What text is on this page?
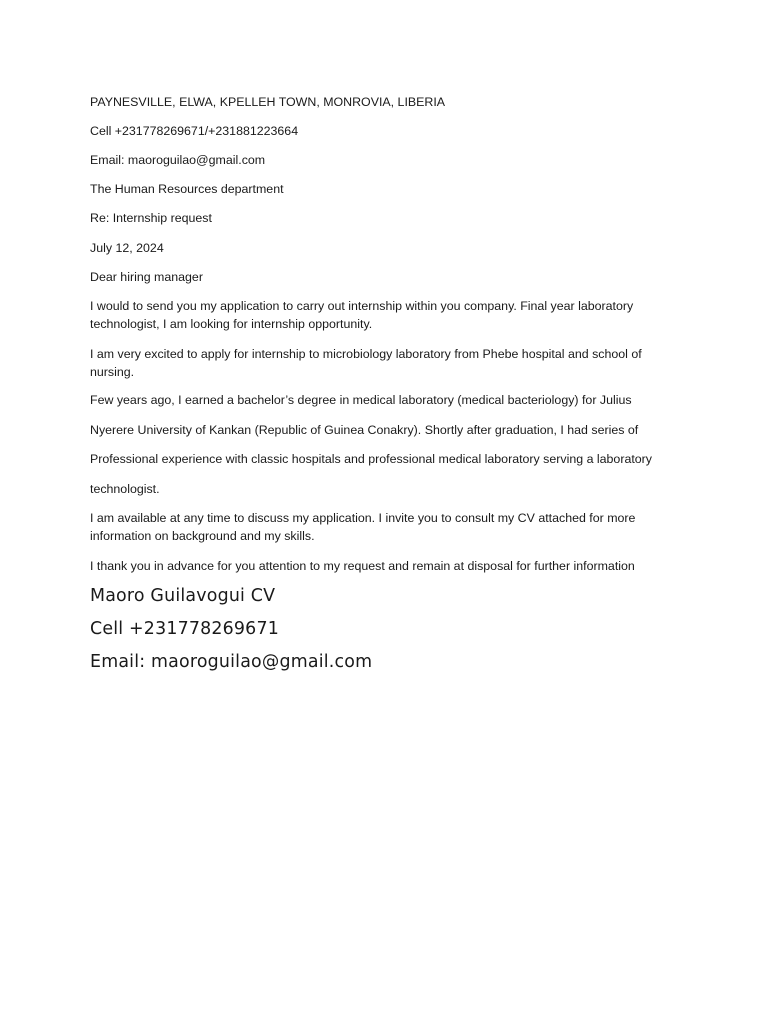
PAYNESVILLE, ELWA, KPELLEH TOWN, MONROVIA, LIBERIA

Cell +231778269671/+231881223664

Email: maoroguilao@gmail.com

The Human Resources department

Re: Internship request

July 12, 2024

Dear hiring manager

I would to send you my application to carry out internship within you company. Final year laboratory technologist, I am looking for internship opportunity.

I am very excited to apply for internship to microbiology laboratory from Phebe hospital and school of nursing.

Few years ago, I earned a bachelor’s degree in medical laboratory (medical bacteriology) for Julius
Nyerere University of Kankan (Republic of Guinea Conakry). Shortly after graduation, I had series of
Professional experience with classic hospitals and professional medical laboratory serving a laboratory
technologist.

I am available at any time to discuss my application. I invite you to consult my CV attached for more information on background and my skills.

I thank you in advance for you attention to my request and remain at disposal for further information

Maoro Guilavogui CV

Cell +231778269671

Email: maoroguilao@gmail.com
